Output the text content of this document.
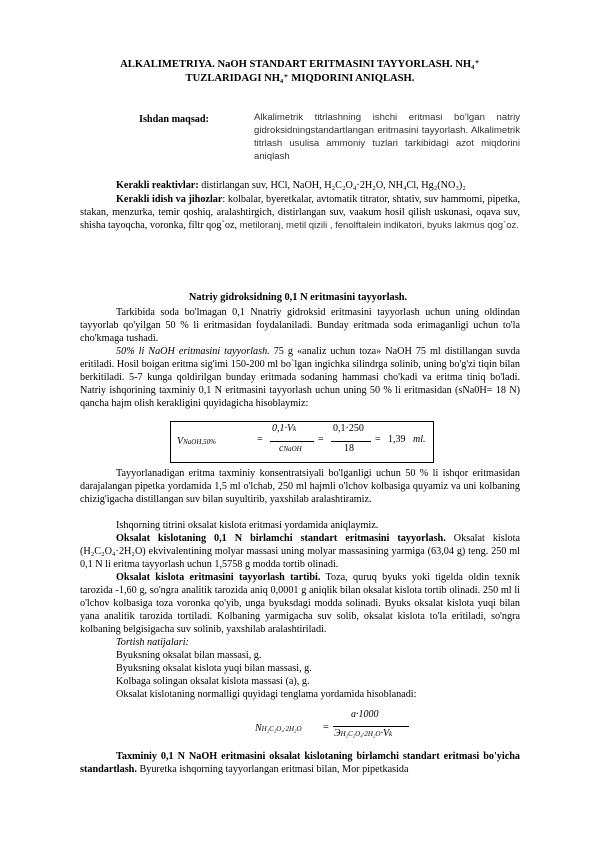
ALKALIMETRIYA. NaOH STANDART ERITMASINI TAYYORLASH. NH₄⁺
TUZLARIDAGI NH₄⁺ MIQDORINI ANIQLASH.
Ishdan maqsad:	Alkalimetrik titrlashning ishchi eritmasi bo’lgan natriy gidroksidningstandartlangan eritmasini tayyorlash. Alkalimetrik titrlash usulisa ammoniy tuzlari tarkibidagi azot miqdorini aniqlash
Kerakli reaktivlar: distirlangan suv, HCl, NaOH, H₂C₂O₄·2H₂O, NH₄Cl, Hg₂(NO₃)₂
Kerakli idish va jihozlar: kolbalar, byeretkalar, avtomatik titrator, shtativ, suv hammomi, pipetka, stakan, menzurka, temir qoshiq, aralashtirgich, distirlangan suv, vaakum hosil qilish uskunasi, oqava suv, shisha tayoqcha, voronka, filtr qog`oz, metiloranj, metil qizili , fenolftalein indikatori, byuks lakmus qog`oz.
Natriy gidroksidning 0,1 N eritmasini tayyorlash.
Tarkibida soda bo'lmagan 0,1 Nnatriy gidroksid eritmasini tayyorlash uchun uning oldindan tayyorlab qo'yilgan 50 % li eritmasidan foydalaniladi. Bunday eritmada soda erimaganligi uchun to'la cho'kmaga tushadi.
50% li NaOH eritmasini tayyorlash. 75 g «analiz uchun toza» NaOH 75 ml distillangan suvda eritiladi. Hosil boigan eritma sig'imi 150-200 ml bo`lgan ingichka silindrga solinib, uning bo'g'zi tiqin bilan berkitiladi. 5-7 kunga qoldirilgan bunday eritmada sodaning hammasi cho'kadi va eritma tiniq bo'ladi. Natriy ishqorining taxminiy 0,1 N eritmasini tayyorlash uchun uning 50 % li eritmasidan (sNa0H= 18 N) qancha hajm olish kerakligini quyidagicha hisoblaymiz:
VNaOH,50%	=
0,1·Vk
cNaOH
=
0,1·250
18
= 1,39 ml.
Tayyorlanadigan eritma taxminiy konsentratsiyali bo'lganligi uchun 50 % li ishqor eritmasidan darajalangan pipetka yordamida 1,5 ml o'lchab, 250 ml hajmli o'lchov kolbasiga quyamiz va uni kolbaning chizig'igacha distillangan suv bilan suyultirib, yaxshilab aralashtiramiz.
Ishqorning titrini oksalat kislota eritmasi yordamida aniqlaymiz.
Oksalat kislotaning 0,1 N birlamchi standart eritmasini tayyorlash. Oksalat kislota (H₂C₂O₄·2H₂O) ekvivalentining molyar massasi uning molyar massasining yarmiga (63,04 g) teng. 250 ml 0,1 N li eritma tayyorlash uchun 1,5758 g modda tortib olinadi.
Oksalat kislota eritmasini tayyorlash tartibi. Toza, quruq byuks yoki tigelda oldin texnik tarozida -1,60 g, so'ngra analitik tarozida aniq 0,0001 g aniqlik bilan oksalat kislota tortib olinadi. 250 ml li o'lchov kolbasiga toza voronka qo'yib, unga byuksdagi modda solinadi. Byuks oksalat kislota yuqi bilan yana analitik tarozida tortiladi. Kolbaning yarmigacha suv solib, oksalat kislota to'la eritiladi, so'ngra kolbaning belgisigacha suv solinib, yaxshilab aralashtiriladi.
Tortish natijalari:
Byuksning oksalat bilan massasi, g.
Byuksning oksalat kislota yuqi bilan massasi, g.
Kolbaga solingan oksalat kislota massasi (a), g.
Oksalat kislotaning normalligi quyidagi tenglama yordamida hisoblanadi:
NH₂C₂O₄·2H₂O =
a·1000
ЭH₂C₂O₄·2H₂O·Vk
Taxminiy 0,1 N NaOH eritmasini oksalat kislotaning birlamchi standart eritmasi bo'yicha standartlash. Byuretka ishqorning tayyorlangan eritmasi bilan, Mor pipetkasida
